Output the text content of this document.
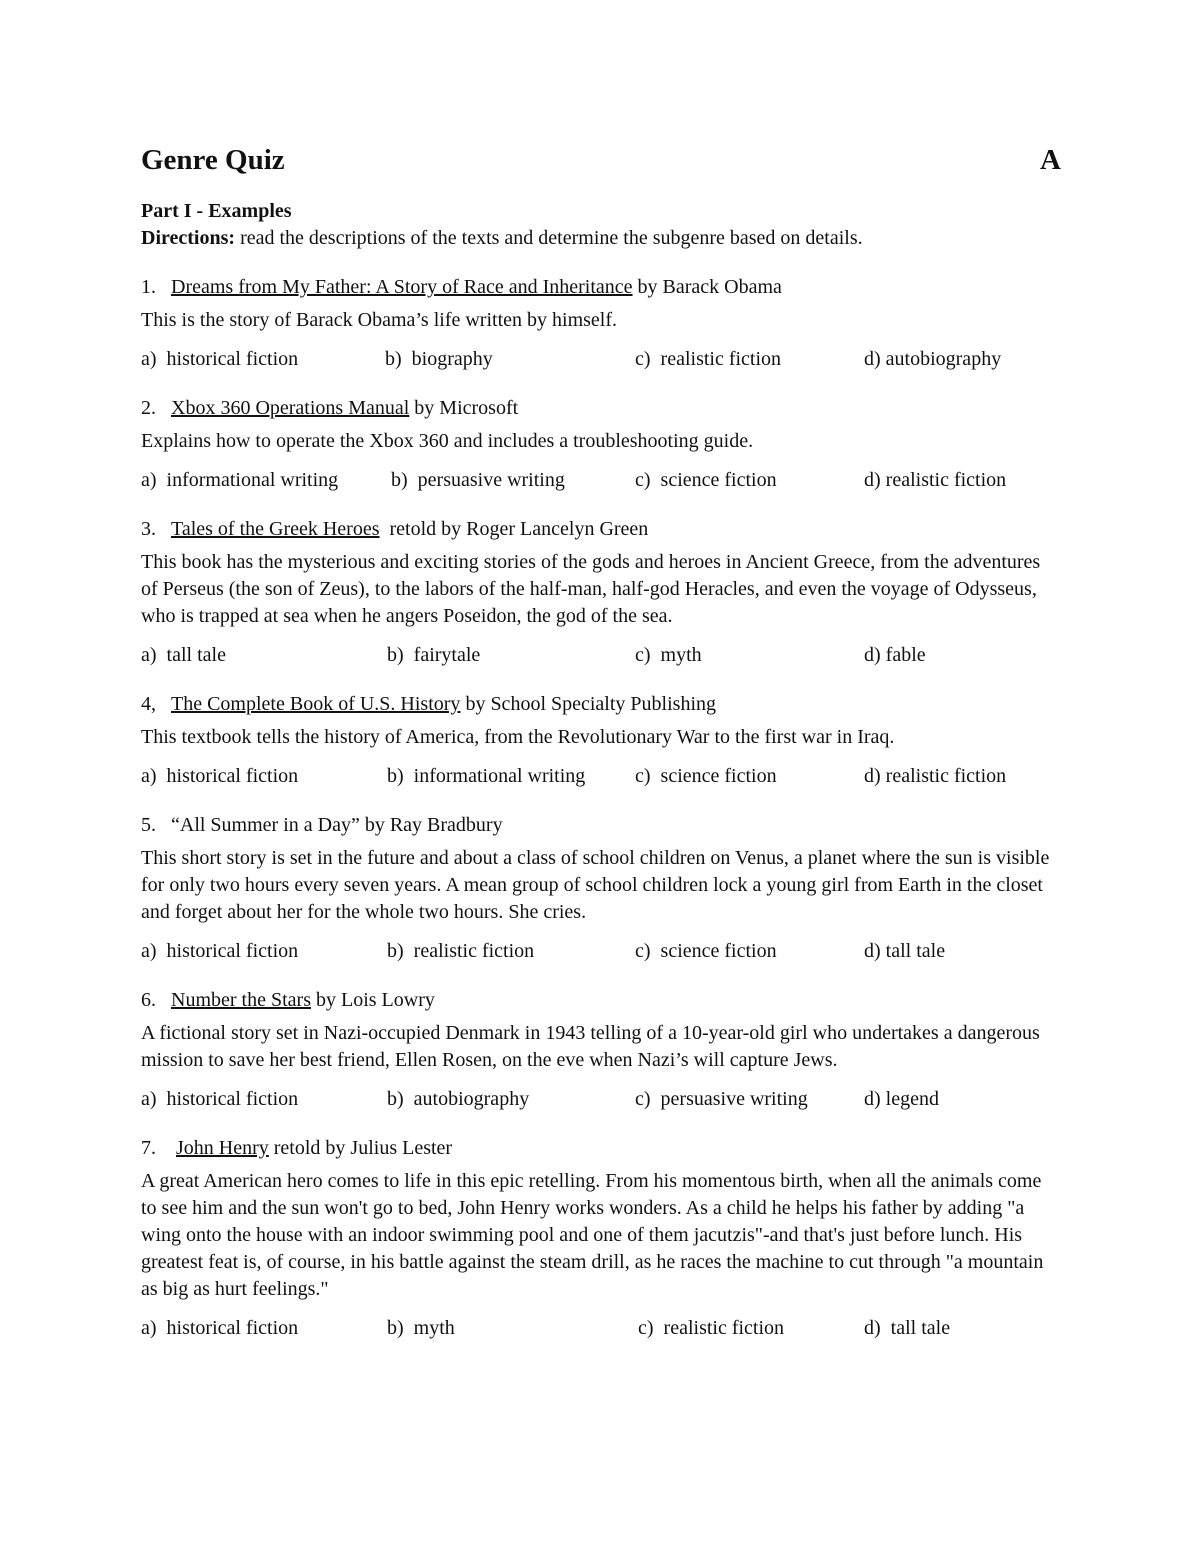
Genre Quiz	A
Part I - Examples
Directions: read the descriptions of the texts and determine the subgenre based on details.
1. Dreams from My Father: A Story of Race and Inheritance by Barack Obama
This is the story of Barack Obama’s life written by himself.
a)  historical fiction	b)  biography	c)  realistic fiction	d) autobiography
2. Xbox 360 Operations Manual by Microsoft
Explains how to operate the Xbox 360 and includes a troubleshooting guide.
a)  informational writing	b)  persuasive writing	c)  science fiction	d) realistic fiction
3. Tales of the Greek Heroes  retold by Roger Lancelyn Green
This book has the mysterious and exciting stories of the gods and heroes in Ancient Greece, from the adventures of Perseus (the son of Zeus), to the labors of the half-man, half-god Heracles, and even the voyage of Odysseus, who is trapped at sea when he angers Poseidon, the god of the sea.
a)  tall tale	b)  fairytale	c)  myth	d) fable
4, The Complete Book of U.S. History by School Specialty Publishing
This textbook tells the history of America, from the Revolutionary War to the first war in Iraq.
a)  historical fiction	b)  informational writing	c)  science fiction	d) realistic fiction
5. “All Summer in a Day” by Ray Bradbury
This short story is set in the future and about a class of school children on Venus, a planet where the sun is visible for only two hours every seven years. A mean group of school children lock a young girl from Earth in the closet and forget about her for the whole two hours. She cries.
a)  historical fiction	b)  realistic fiction	c)  science fiction	d) tall tale
6. Number the Stars by Lois Lowry
A fictional story set in Nazi-occupied Denmark in 1943 telling of a 10-year-old girl who undertakes a dangerous mission to save her best friend, Ellen Rosen, on the eve when Nazi’s will capture Jews.
a)  historical fiction	b)  autobiography	c)  persuasive writing	d) legend
7. John Henry retold by Julius Lester
A great American hero comes to life in this epic retelling. From his momentous birth, when all the animals come to see him and the sun won't go to bed, John Henry works wonders. As a child he helps his father by adding "a wing onto the house with an indoor swimming pool and one of them jacutzis"-and that's just before lunch. His greatest feat is, of course, in his battle against the steam drill, as he races the machine to cut through "a mountain as big as hurt feelings."
a)  historical fiction	b)  myth	c)  realistic fiction	d)  tall tale
